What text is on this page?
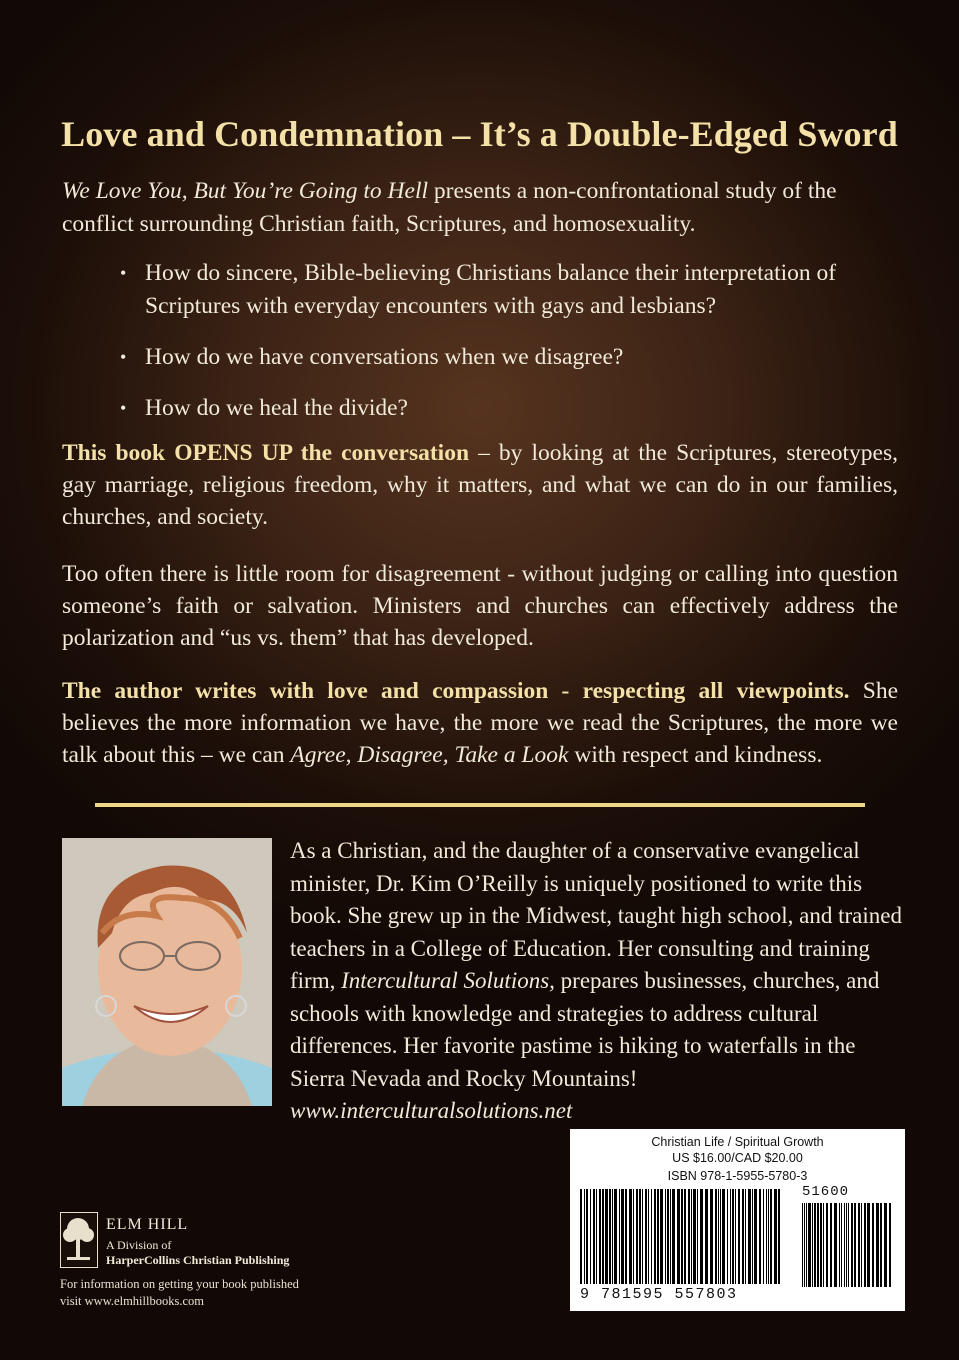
Love and Condemnation – It’s a Double-Edged Sword

We Love You, But You’re Going to Hell presents a non-confrontational study of the conflict surrounding Christian faith, Scriptures, and homosexuality.

• How do sincere, Bible-believing Christians balance their interpretation of Scriptures with everyday encounters with gays and lesbians?
• How do we have conversations when we disagree?
• How do we heal the divide?

This book OPENS UP the conversation – by looking at the Scriptures, stereotypes, gay marriage, religious freedom, why it matters, and what we can do in our families, churches, and society.

Too often there is little room for disagreement - without judging or calling into question someone’s faith or salvation. Ministers and churches can effectively address the polarization and “us vs. them” that has developed.

The author writes with love and compassion - respecting all viewpoints. She believes the more information we have, the more we read the Scriptures, the more we talk about this – we can Agree, Disagree, Take a Look with respect and kindness.

As a Christian, and the daughter of a conservative evangelical minister, Dr. Kim O’Reilly is uniquely positioned to write this book. She grew up in the Midwest, taught high school, and trained teachers in a College of Education. Her consulting and training firm, Intercultural Solutions, prepares businesses, churches, and schools with knowledge and strategies to address cultural differences. Her favorite pastime is hiking to waterfalls in the Sierra Nevada and Rocky Mountains! www.interculturalsolutions.net

Christian Life / Spiritual Growth
US $16.00/CAD $20.00
ISBN 978-1-5955-5780-3
51600
9 781595 557803
ELM HILL
A Division of
HarperCollins Christian Publishing
For information on getting your book published
visit www.elmhillbooks.com
